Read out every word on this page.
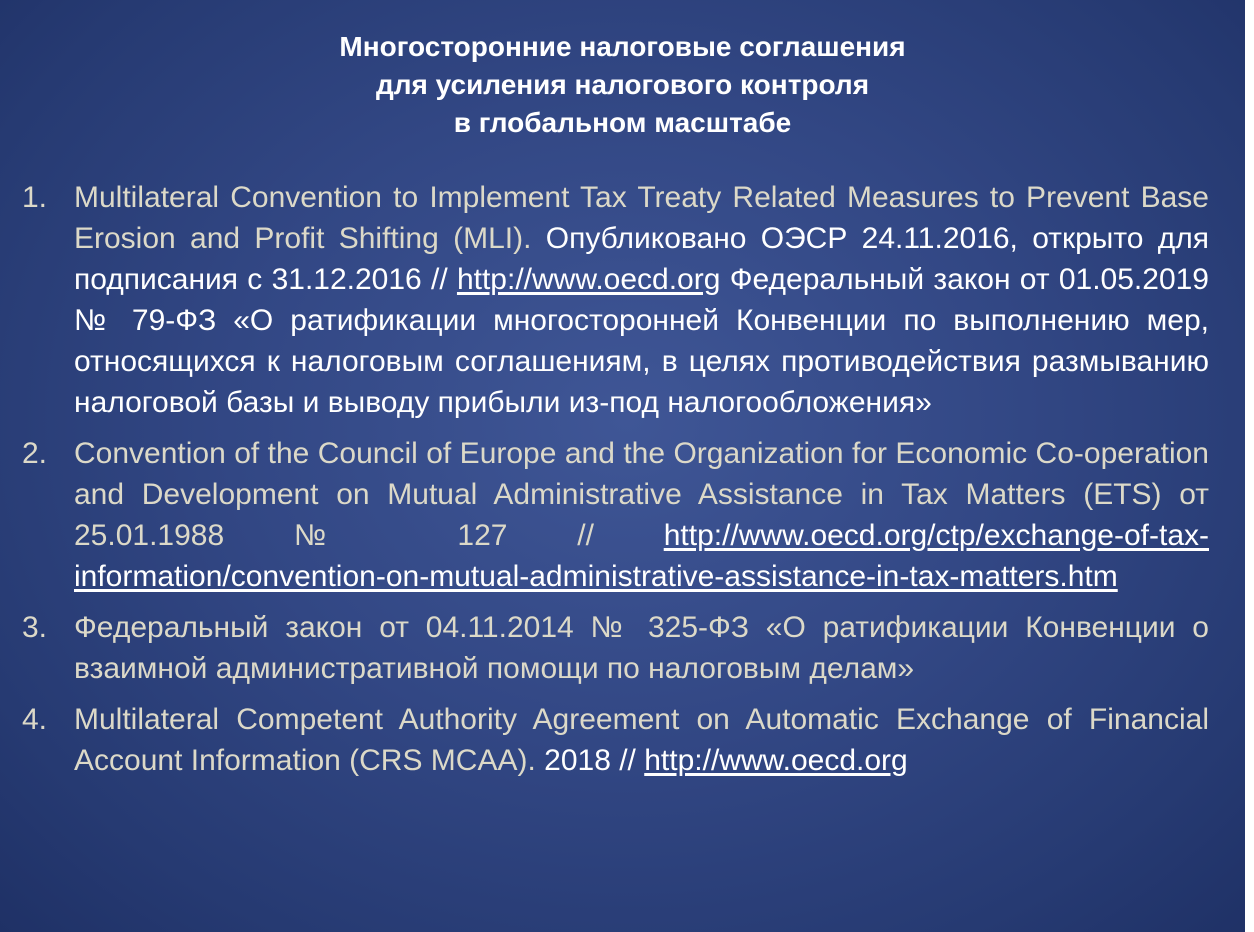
Многосторонние налоговые соглашения
для усиления налогового контроля
в глобальном масштабе
1. Multilateral Convention to Implement Tax Treaty Related Measures to Prevent Base Erosion and Profit Shifting (MLI). Опубликовано ОЭСР 24.11.2016, открыто для подписания с 31.12.2016 // http://www.oecd.org Федеральный закон от 01.05.2019 № 79-ФЗ «О ратификации многосторонней Конвенции по выполнению мер, относящихся к налоговым соглашениям, в целях противодействия размыванию налоговой базы и выводу прибыли из-под налогообложения»
2. Convention of the Council of Europe and the Organization for Economic Co-operation and Development on Mutual Administrative Assistance in Tax Matters (ETS) от 25.01.1988 № 127 // http://www.oecd.org/ctp/exchange-of-tax-information/convention-on-mutual-administrative-assistance-in-tax-matters.htm
3. Федеральный закон от 04.11.2014 № 325-ФЗ «О ратификации Конвенции о взаимной административной помощи по налоговым делам»
4. Multilateral Competent Authority Agreement on Automatic Exchange of Financial Account Information (CRS MCAA). 2018 // http://www.oecd.org
